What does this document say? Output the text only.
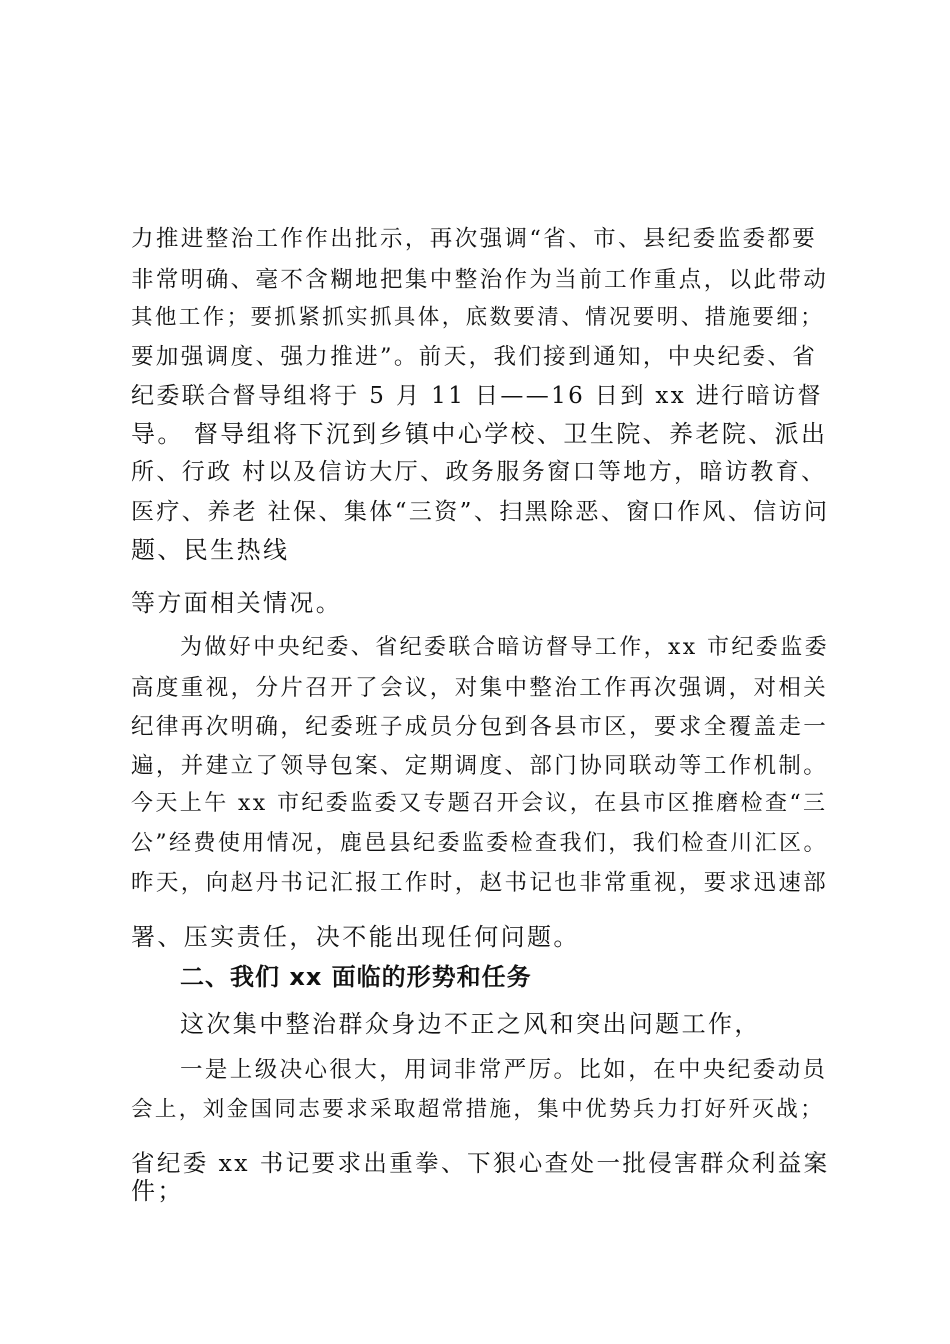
力推进整治工作作出批示，再次强调“省、市、县纪委监委都要
非常明确、毫不含糊地把集中整治作为当前工作重点，以此带动
其他工作；要抓紧抓实抓具体，底数要清、情况要明、措施要细；
要加强调度、强力推进”。前天，我们接到通知，中央纪委、省
纪委联合督导组将于 5 月 11 日——16 日到 xx 进行暗访督
导。 督导组将下沉到乡镇中心学校、卫生院、养老院、派出
所、行政 村以及信访大厅、政务服务窗口等地方，暗访教育、
医疗、养老 社保、集体“三资”、扫黑除恶、窗口作风、信访问
题、民生热线
等方面相关情况。
为做好中央纪委、省纪委联合暗访督导工作，xx 市纪委监委
高度重视，分片召开了会议，对集中整治工作再次强调，对相关
纪律再次明确，纪委班子成员分包到各县市区，要求全覆盖走一
遍，并建立了领导包案、定期调度、部门协同联动等工作机制。
今天上午 xx 市纪委监委又专题召开会议，在县市区推磨检查“三
公”经费使用情况，鹿邑县纪委监委检查我们，我们检查川汇区。
昨天，向赵丹书记汇报工作时，赵书记也非常重视，要求迅速部
署、压实责任，决不能出现任何问题。
二、我们 xx 面临的形势和任务
这次集中整治群众身边不正之风和突出问题工作，
一是上级决心很大，用词非常严厉。比如，在中央纪委动员
会上，刘金国同志要求采取超常措施，集中优势兵力打好歼灭战；
省纪委 xx 书记要求出重拳、下狠心查处一批侵害群众利益案
件；
